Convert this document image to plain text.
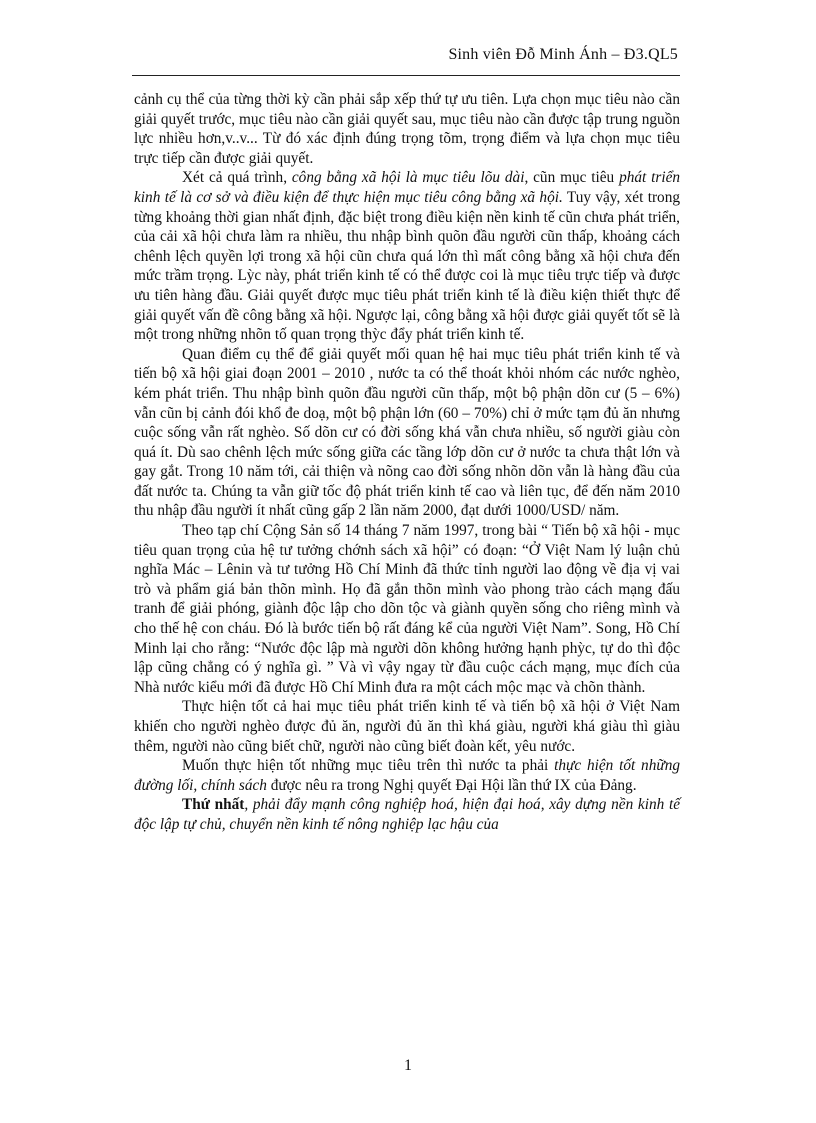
Sinh viên Đỗ Minh Ánh – Đ3.QL5

cảnh cụ thể của từng thời kỳ cần phải sắp xếp thứ tự ưu tiên. Lựa chọn mục tiêu nào cần giải quyết trước, mục tiêu nào cần giải quyết sau, mục tiêu nào cần được tập trung nguồn lực nhiều hơn,v..v... Từ đó xác định đúng trọng tõm, trọng điểm và lựa chọn mục tiêu trực tiếp cần được giải quyết.

Xét cả quá trình, công bằng xã hội là mục tiêu lõu dài, cũn mục tiêu phát triển kinh tế là cơ sở và điều kiện để thực hiện mục tiêu công bằng xã hội. Tuy vậy, xét trong từng khoảng thời gian nhất định, đặc biệt trong điều kiện nền kinh tế cũn chưa phát triển, của cải xã hội chưa làm ra nhiều, thu nhập bình quõn đầu người cũn thấp, khoảng cách chênh lệch quyền lợi trong xã hội cũn chưa quá lớn thì mất công bằng xã hội chưa đến mức trầm trọng. Lỳc này, phát triển kinh tế có thể được coi là mục tiêu trực tiếp và được ưu tiên hàng đầu. Giải quyết được mục tiêu phát triển kinh tế là điều kiện thiết thực để giải quyết vấn đề công bằng xã hội. Ngược lại, công bằng xã hội được giải quyết tốt sẽ là một trong những nhõn tố quan trọng thỳc đẩy phát triển kinh tế.

Quan điểm cụ thể để giải quyết mối quan hệ hai mục tiêu phát triển kinh tế và tiến bộ xã hội giai đoạn 2001 – 2010 , nước ta có thể thoát khỏi nhóm các nước nghèo, kém phát triển. Thu nhập bình quõn đầu người cũn thấp, một bộ phận dõn cư (5 – 6%) vẫn cũn bị cảnh đói khổ đe doạ, một bộ phận lớn (60 – 70%) chỉ ở mức tạm đủ ăn nhưng cuộc sống vẫn rất nghèo. Số dõn cư có đời sống khá vẫn chưa nhiều, số người giàu còn quá ít. Dù sao chênh lệch mức sống giữa các tầng lớp dõn cư ở nước ta chưa thật lớn và gay gắt. Trong 10 năm tới, cải thiện và nõng cao đời sống nhõn dõn vẫn là hàng đầu của đất nước ta. Chúng ta vẫn giữ tốc độ phát triển kinh tế cao và liên tục, để đến năm 2010 thu nhập đầu người ít nhất cũng gấp 2 lần năm 2000, đạt dưới 1000/USD/ năm.

Theo tạp chí Cộng Sản số 14 tháng 7 năm 1997, trong bài “ Tiến bộ xã hội - mục tiêu quan trọng của hệ tư tưởng chớnh sách xã hội” có đoạn: “Ở Việt Nam lý luận chủ nghĩa Mác – Lênin và tư tưởng Hồ Chí Minh đã thức tỉnh người lao động về địa vị vai trò và phẩm giá bản thõn mình. Họ đã gắn thõn mình vào phong trào cách mạng đấu tranh để giải phóng, giành độc lập cho dõn tộc và giành quyền sống cho riêng mình và cho thế hệ con cháu. Đó là bước tiến bộ rất đáng kể của người Việt Nam”. Song, Hồ Chí Minh lại cho rằng: “Nước độc lập mà người dõn không hưởng hạnh phỳc, tự do thì độc lập cũng chẳng có ý nghĩa gì. ” Và vì vậy ngay từ đầu cuộc cách mạng, mục đích của Nhà nước kiểu mới đã được Hồ Chí Minh đưa ra một cách mộc mạc và chõn thành.

Thực hiện tốt cả hai mục tiêu phát triển kinh tế và tiến bộ xã hội ở Việt Nam khiến cho người nghèo được đủ ăn, người đủ ăn thì khá giàu, người khá giàu thì giàu thêm, người nào cũng biết chữ, người nào cũng biết đoàn kết, yêu nước.

Muốn thực hiện tốt những mục tiêu trên thì nước ta phải thực hiện tốt những đường lối, chính sách được nêu ra trong Nghị quyết Đại Hội lần thứ IX của Đảng.

Thứ nhất, phải đẩy mạnh công nghiệp hoá, hiện đại hoá, xây dựng nền kinh tế độc lập tự chủ, chuyển nền kinh tế nông nghiệp lạc hậu của

1
